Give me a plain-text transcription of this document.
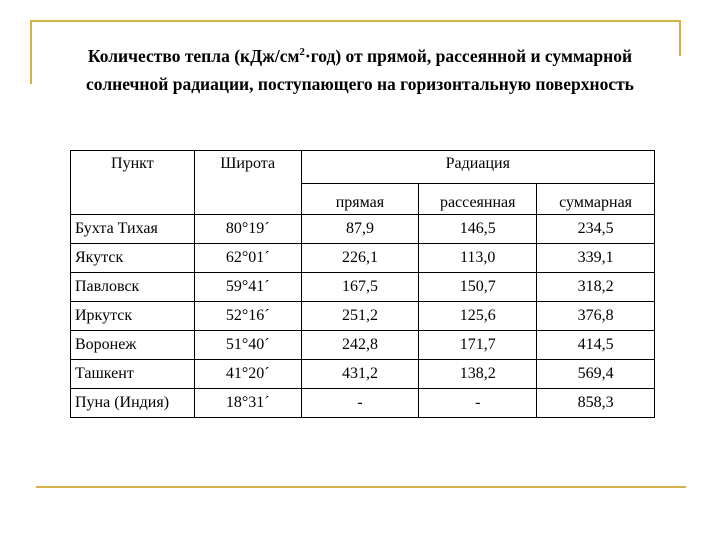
Количество тепла $(кДж/см^2\cdot год)$ от прямой, рассеянной и суммарной
солнечной радиации, поступающего на горизонтальную поверхность
Пункт	Широта	Радиация		
		прямая	рассеянная	суммарная
Бухта Тихая	80°19´	87,9	146,5	234,5
Якутск	62°01´	226,1	113,0	339,1
Павловск	59°41´	167,5	150,7	318,2
Иркутск	52°16´	251,2	125,6	376,8
Воронеж	51°40´	242,8	171,7	414,5
Ташкент	41°20´	431,2	138,2	569,4
Пуна (Индия)	18°31´	-	-	858,3
